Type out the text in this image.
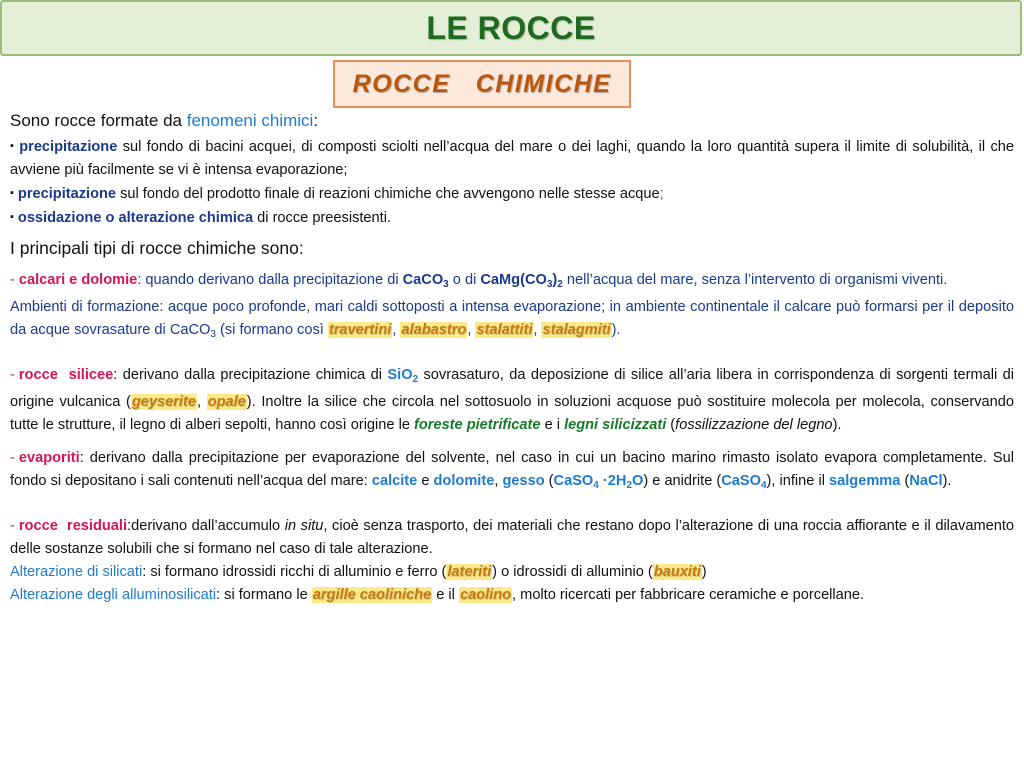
LE ROCCE
ROCCE   CHIMICHE

Sono rocce formate da fenomeni chimici:

▪ precipitazione sul fondo di bacini acquei, di composti sciolti nell’acqua del mare o dei laghi, quando la loro quantità supera il limite di solubilità, il che avviene più facilmente se vi è intensa evaporazione;

▪ precipitazione sul fondo del prodotto finale di reazioni chimiche che avvengono nelle stesse acque;

▪ ossidazione o alterazione chimica di rocce preesistenti.

I principali tipi di rocce chimiche sono:

- calcari e dolomie: quando derivano dalla precipitazione di CaCO$_3$ o di $CaMg(CO_3)_2$ nell’acqua del mare, senza l’intervento di organismi viventi.

Ambienti di formazione: acque poco profonde, mari caldi sottoposti a intensa evaporazione; in ambiente continentale il calcare può formarsi per il deposito da acque sovrasature di CaCO$_3$ (si formano così travertini, alabastro, stalattiti, stalagmiti).

- rocce  silicee: derivano dalla precipitazione chimica di SiO$_2$ sovrasaturo, da deposizione di silice all’aria libera in corrispondenza di sorgenti termali di origine vulcanica (geyserite, opale). Inoltre la silice che circola nel sottosuolo in soluzioni acquose può sostituire molecola per molecola, conservando tutte le strutture, il legno di alberi sepolti, hanno così origine le foreste pietrificate e i legni silicizzati (fossilizzazione del legno).

- evaporiti: derivano dalla precipitazione per evaporazione del solvente, nel caso in cui un bacino marino rimasto isolato evapora completamente. Sul fondo si depositano i sali contenuti nell’acqua del mare: calcite e dolomite, gesso (CaSO$_4$ $\cdot 2H_2O$) e anidrite (CaSO$_4$), infine il salgemma (NaCl).

- rocce  residuali:derivano dall’accumulo in situ, cioè senza trasporto, dei materiali che restano dopo l’alterazione di una roccia affiorante e il dilavamento delle sostanze solubili che si formano nel caso di tale alterazione.

Alterazione di silicati: si formano idrossidi ricchi di alluminio e ferro (lateriti) o idrossidi di alluminio (bauxiti)

Alterazione degli alluminosilicati: si formano le argille caoliniche e il caolino, molto ricercati per fabbricare ceramiche e porcellane.
